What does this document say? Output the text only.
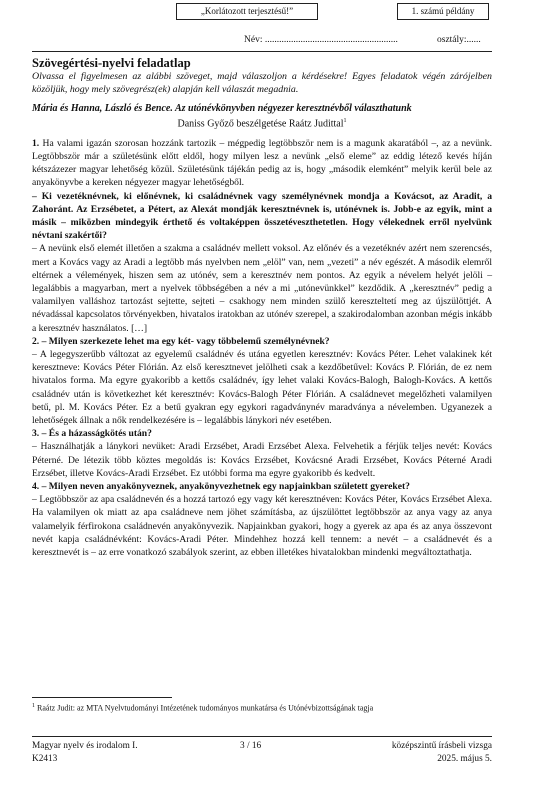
„Korlátozott terjesztésű!”	1. számú példány
Név: ........................................................	osztály:......
Szövegértési-nyelvi feladatlap

Olvassa el figyelmesen az alábbi szöveget, majd válaszoljon a kérdésekre! Egyes feladatok végén zárójelben közöljük, hogy mely szövegrész(ek) alapján kell válaszát megadnia.

Mária és Hanna, László és Bence. Az utónévkönyvben négyezer keresztnévből választhatunk

Daniss Győző beszélgetése Raátz Judittal$^1$

1. Ha valami igazán szorosan hozzánk tartozik – mégpedig legtöbbször nem is a magunk akaratából –, az a nevünk. Legtöbbször már a születésünk előtt eldől, hogy milyen lesz a nevünk „első eleme” az eddig létező kevés híján kétszázezer magyar lehetőség közül. Születésünk tájékán pedig az is, hogy „második elemként” melyik kerül bele az anyakönyvbe a kereken négyezer magyar lehetőségből.

– Ki vezetéknévnek, ki előnévnek, ki családnévnek vagy személynévnek mondja a Kovácsot, az Aradit, a Zahoránt. Az Erzsébetet, a Pétert, az Alexát mondják keresztnévnek is, utónévnek is. Jobb-e az egyik, mint a másik – miközben mindegyik érthető és voltaképpen összetéveszthetetlen. Hogy vélekednek erről nyelvünk névtani szakértői?

– A nevünk első elemét illetően a szakma a családnév mellett voksol. Az előnév és a vezetéknév azért nem szerencsés, mert a Kovács vagy az Aradi a legtöbb más nyelvben nem „elöl” van, nem „vezeti” a név egészét. A második elemről eltérnek a vélemények, hiszen sem az utónév, sem a keresztnév nem pontos. Az egyik a névelem helyét jelöli – legalábbis a magyarban, mert a nyelvek többségében a név a mi „utónevünkkel” kezdődik. A „keresztnév” pedig a valamilyen valláshoz tartozást sejtette, sejteti – csakhogy nem minden szülő kereszteltetí meg az újszülöttjét. A névadással kapcsolatos törvényekben, hivatalos iratokban az utónév szerepel, a szakirodalomban azonban mégis inkább a keresztnév használatos. […]

2. – Milyen szerkezete lehet ma egy két- vagy többelemű személynévnek?

– A legegyszerűbb változat az egyelemű családnév és utána egyetlen keresztnév: Kovács Péter. Lehet valakinek két keresztneve: Kovács Péter Flórián. Az első keresztnevet jelölheti csak a kezdőbetűvel: Kovács P. Flórián, de ez nem hivatalos forma. Ma egyre gyakoribb a kettős családnév, így lehet valaki Kovács-Balogh, Balogh-Kovács. A kettős családnév után is következhet két keresztnév: Kovács-Balogh Péter Flórián. A családnevet megelőzheti valamilyen betű, pl. M. Kovács Péter. Ez a betű gyakran egy egykori ragadványnév maradványa a névelemben. Ugyanezek a lehetőségek állnak a nők rendelkezésére is – legalábbis lánykori név esetében.

3. – És a házasságkötés után?

– Használhatják a lánykori nevüket: Aradi Erzsébet, Aradi Erzsébet Alexa. Felvehetik a férjük teljes nevét: Kovács Péterné. De létezik több köztes megoldás is: Kovács Erzsébet, Kovácsné Aradi Erzsébet, Kovács Péterné Aradi Erzsébet, illetve Kovács-Aradi Erzsébet. Ez utóbbi forma ma egyre gyakoribb és kedvelt.

4. – Milyen neven anyakönyveznek, anyakönyvezhetnek egy napjainkban született gyereket?

– Legtöbbször az apa családnevén és a hozzá tartozó egy vagy két keresztnéven: Kovács Péter, Kovács Erzsébet Alexa. Ha valamilyen ok miatt az apa családneve nem jöhet számításba, az újszülöttet legtöbbször az anya vagy az anya valamelyik férfirokona családnevén anyakönyvezik. Napjainkban gyakori, hogy a gyerek az apa és az anya összevont nevét kapja családnévként: Kovács-Aradi Péter. Mindehhez hozzá kell tennem: a nevét – a családnevét és a keresztnevét is – az erre vonatkozó szabályok szerint, az ebben illetékes hivatalokban mindenki megváltoztathatja.

$^1$ Raátz Judit: az MTA Nyelvtudományi Intézetének tudományos munkatársa és Utónévbizottságának tagja
Magyar nyelv és irodalom I.
K2413
3 / 16	középszintű írásbeli vizsga
2025. május 5.
